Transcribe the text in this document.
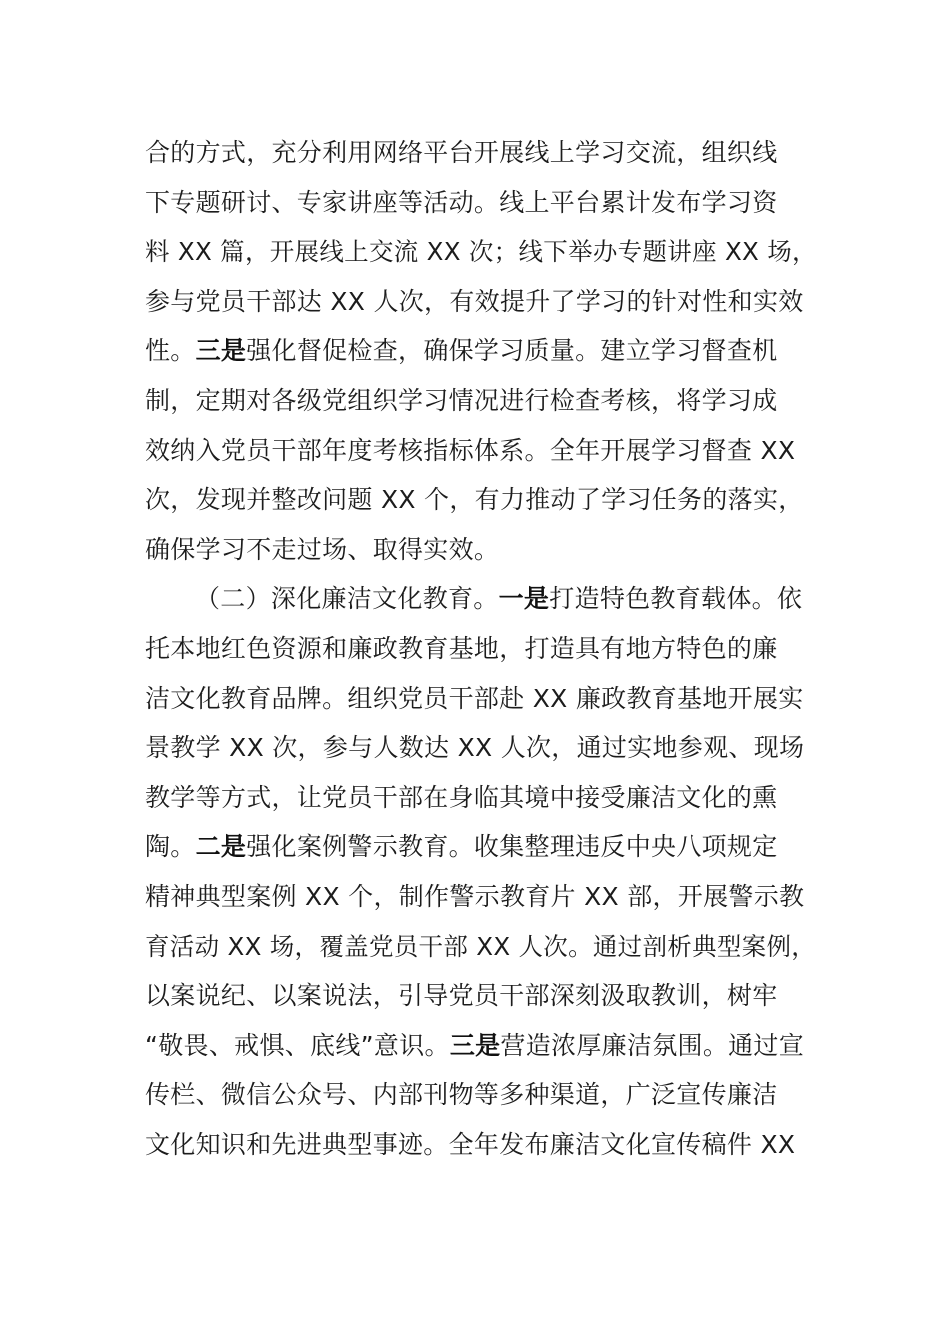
合的方式，充分利用网络平台开展线上学习交流，组织线
下专题研讨、专家讲座等活动。线上平台累计发布学习资
料 XX 篇，开展线上交流 XX 次；线下举办专题讲座 XX 场，
参与党员干部达 XX 人次，有效提升了学习的针对性和实效
性。三是强化督促检查，确保学习质量。建立学习督查机
制，定期对各级党组织学习情况进行检查考核，将学习成
效纳入党员干部年度考核指标体系。全年开展学习督查 XX
次，发现并整改问题 XX 个，有力推动了学习任务的落实，
确保学习不走过场、取得实效。
（二）深化廉洁文化教育。一是打造特色教育载体。依
托本地红色资源和廉政教育基地，打造具有地方特色的廉
洁文化教育品牌。组织党员干部赴 XX 廉政教育基地开展实
景教学 XX 次，参与人数达 XX 人次，通过实地参观、现场
教学等方式，让党员干部在身临其境中接受廉洁文化的熏
陶。二是强化案例警示教育。收集整理违反中央八项规定
精神典型案例 XX 个，制作警示教育片 XX 部，开展警示教
育活动 XX 场，覆盖党员干部 XX 人次。通过剖析典型案例，
以案说纪、以案说法，引导党员干部深刻汲取教训，树牢
“敬畏、戒惧、底线”意识。三是营造浓厚廉洁氛围。通过宣
传栏、微信公众号、内部刊物等多种渠道，广泛宣传廉洁
文化知识和先进典型事迹。全年发布廉洁文化宣传稿件 XX
